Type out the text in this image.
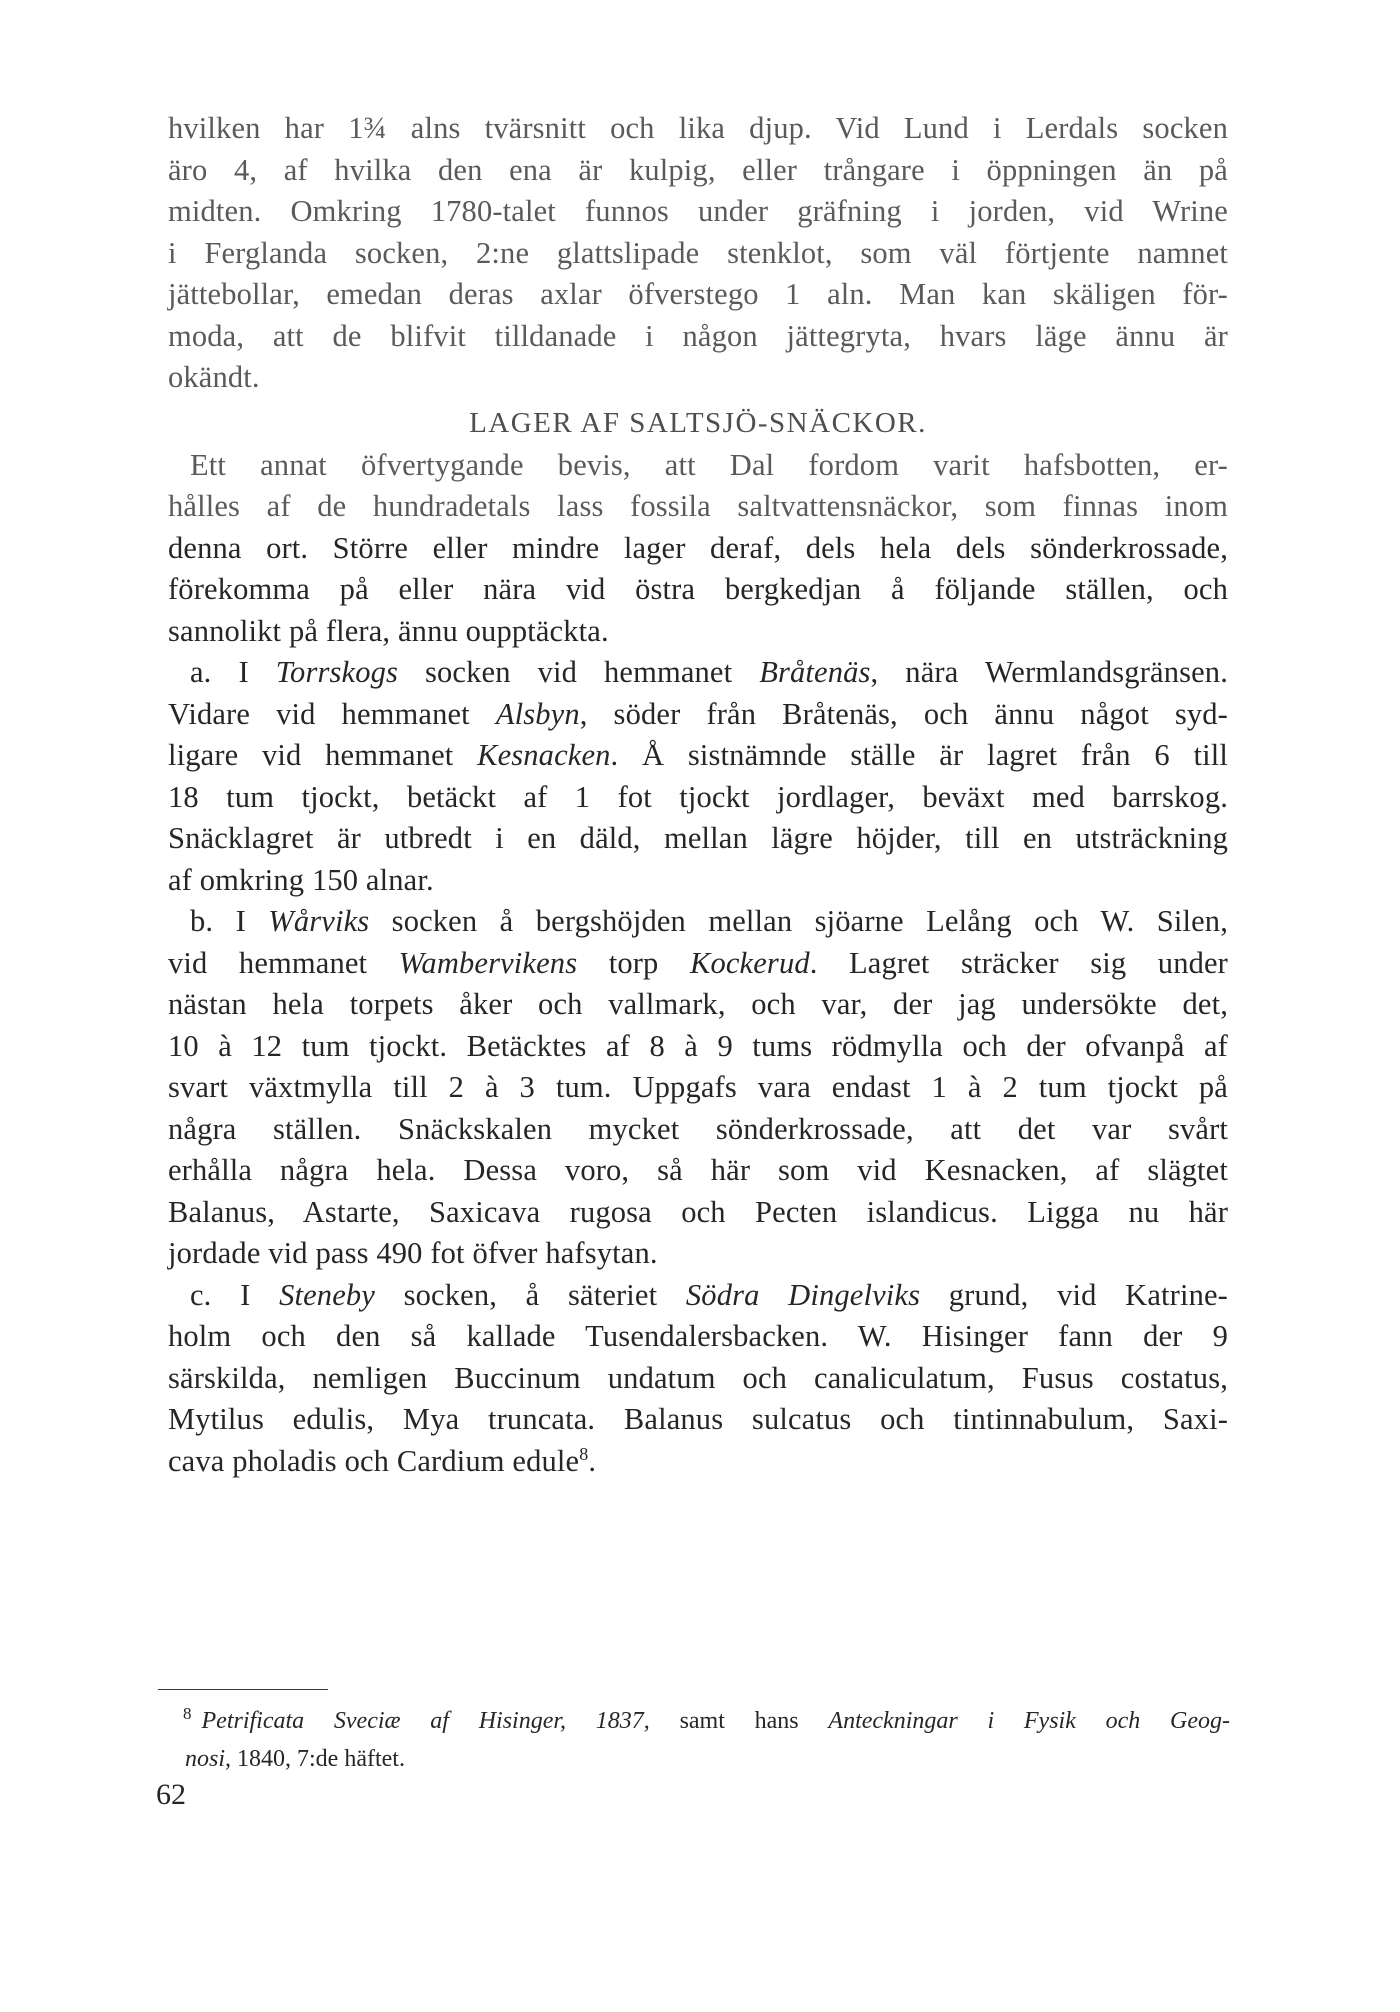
hvilken har 1¾ alns tvärsnitt och lika djup. Vid Lund i Lerdals socken
äro 4, af hvilka den ena är kulpig, eller trångare i öppningen än på
midten. Omkring 1780-talet funnos under gräfning i jorden, vid Wrine
i Ferglanda socken, 2:ne glattslipade stenklot, som väl förtjente namnet
jättebollar, emedan deras axlar öfverstego 1 aln. Man kan skäligen för-
moda, att de blifvit tilldanade i någon jättegryta, hvars läge ännu är
okändt.
LAGER AF SALTSJÖ-SNÄCKOR.
Ett annat öfvertygande bevis, att Dal fordom varit hafsbotten, er-
hålles af de hundradetals lass fossila saltvattensnäckor, som finnas inom
denna ort. Större eller mindre lager deraf, dels hela dels sönderkrossade,
förekomma på eller nära vid östra bergkedjan å följande ställen, och
sannolikt på flera, ännu oupptäckta.
a. I Torrskogs socken vid hemmanet Bråtenäs, nära Wermlandsgränsen.
Vidare vid hemmanet Alsbyn, söder från Bråtenäs, och ännu något syd-
ligare vid hemmanet Kesnacken. Å sistnämnde ställe är lagret från 6 till
18 tum tjockt, betäckt af 1 fot tjockt jordlager, beväxt med barrskog.
Snäcklagret är utbredt i en däld, mellan lägre höjder, till en utsträckning
af omkring 150 alnar.
b. I Wårviks socken å bergshöjden mellan sjöarne Lelång och W. Silen,
vid hemmanet Wambervikens torp Kockerud. Lagret sträcker sig under
nästan hela torpets åker och vallmark, och var, der jag undersökte det,
10 à 12 tum tjockt. Betäcktes af 8 à 9 tums rödmylla och der ofvanpå af
svart växtmylla till 2 à 3 tum. Uppgafs vara endast 1 à 2 tum tjockt på
några ställen. Snäckskalen mycket sönderkrossade, att det var svårt
erhålla några hela. Dessa voro, så här som vid Kesnacken, af slägtet
Balanus, Astarte, Saxicava rugosa och Pecten islandicus. Ligga nu här
jordade vid pass 490 fot öfver hafsytan.
c. I Steneby socken, å säteriet Södra Dingelviks grund, vid Katrine-
holm och den så kallade Tusendalersbacken. W. Hisinger fann der 9
särskilda, nemligen Buccinum undatum och canaliculatum, Fusus costatus,
Mytilus edulis, Mya truncata. Balanus sulcatus och tintinnabulum, Saxi-
cava pholadis och Cardium edule$^8$.
$^8$ Petrificata Sveciæ af Hisinger, 1837, samt hans Anteckningar i Fysik och Geog-
nosi, 1840, 7:de häftet.
62
